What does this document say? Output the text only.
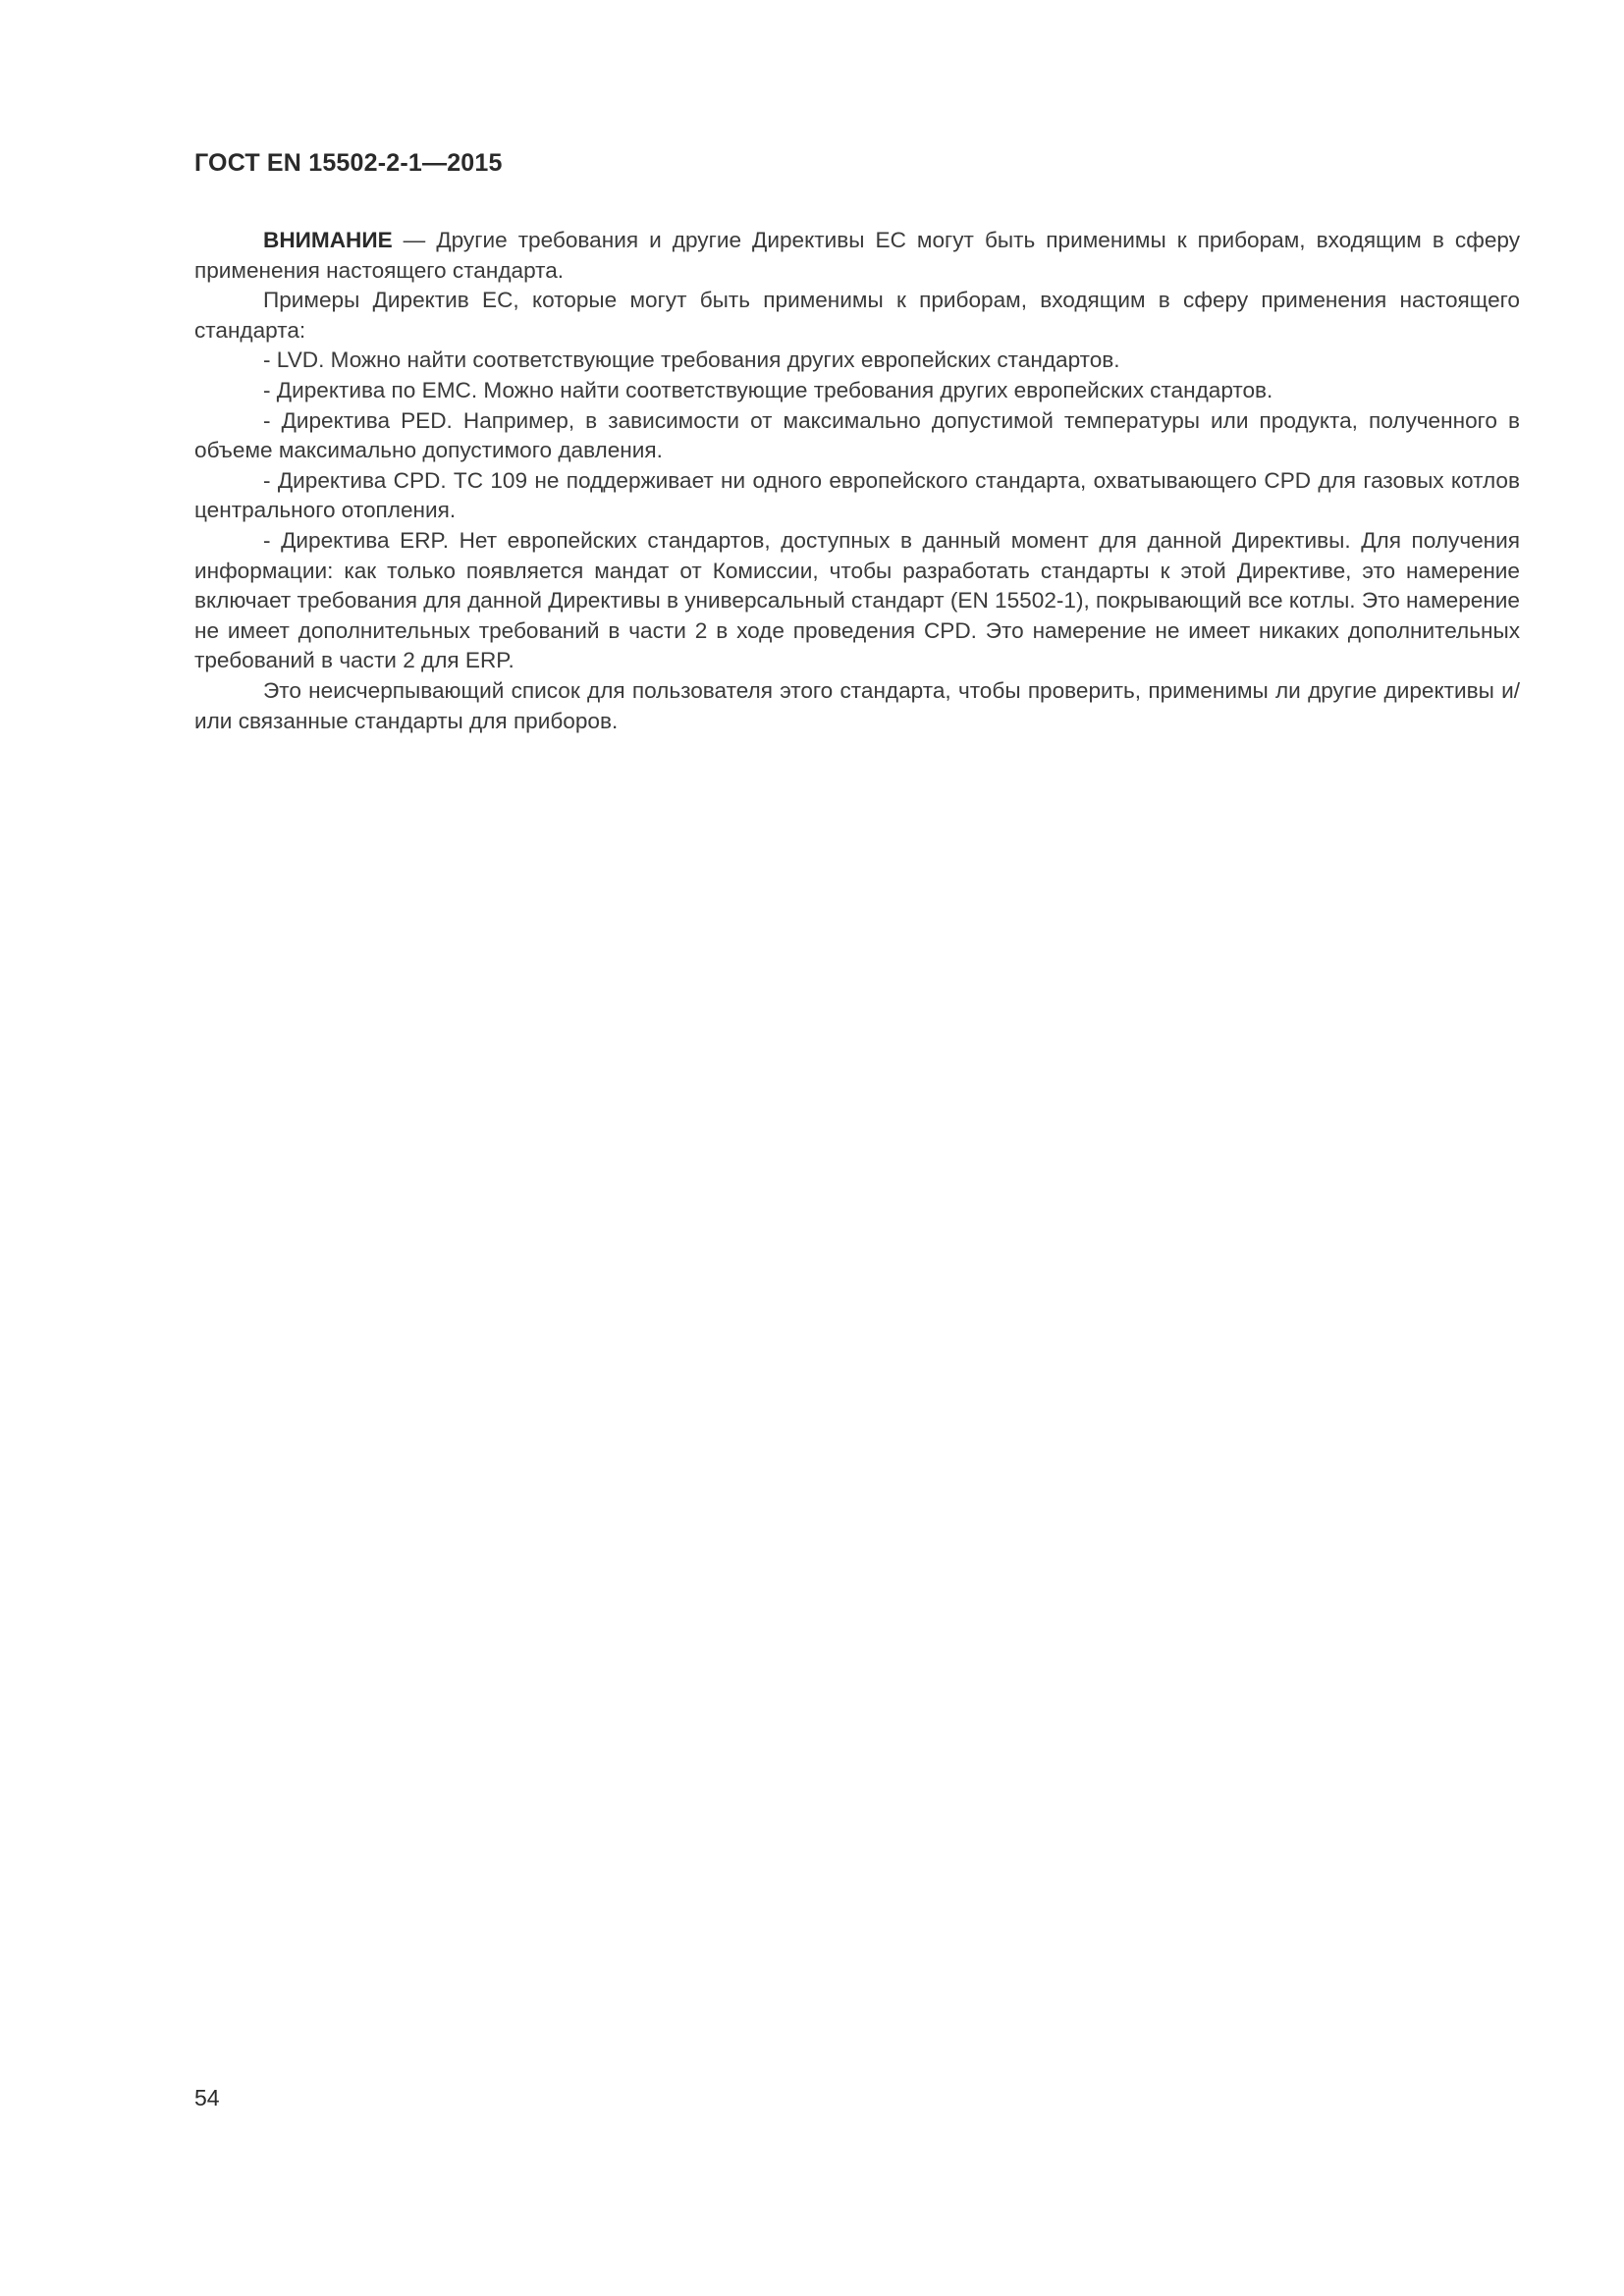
ГОСТ EN 15502-2-1—2015

ВНИМАНИЕ — Другие требования и другие Директивы ЕС могут быть применимы к приборам, входящим в сферу применения настоящего стандарта.

Примеры Директив ЕС, которые могут быть применимы к приборам, входящим в сферу применения настоящего стандарта:

- LVD. Можно найти соответствующие требования других европейских стандартов.

- Директива по EMC. Можно найти соответствующие требования других европейских стандартов.

- Директива PED. Например, в зависимости от максимально допустимой температуры или продукта, полученного в объеме максимально допустимого давления.

- Директива CPD. ТС 109 не поддерживает ни одного европейского стандарта, охватывающего CPD для газовых котлов центрального отопления.

- Директива ERP. Нет европейских стандартов, доступных в данный момент для данной Директивы. Для получения информации: как только появляется мандат от Комиссии, чтобы разработать стандарты к этой Директиве, это намерение включает требования для данной Директивы в универсальный стандарт (EN 15502-1), покрывающий все котлы. Это намерение не имеет дополнительных требований в части 2 в ходе проведения CPD. Это намерение не имеет никаких дополнительных требований в части 2 для ERP.

Это неисчерпывающий список для пользователя этого стандарта, чтобы проверить, применимы ли другие директивы и/или связанные стандарты для приборов.

54
